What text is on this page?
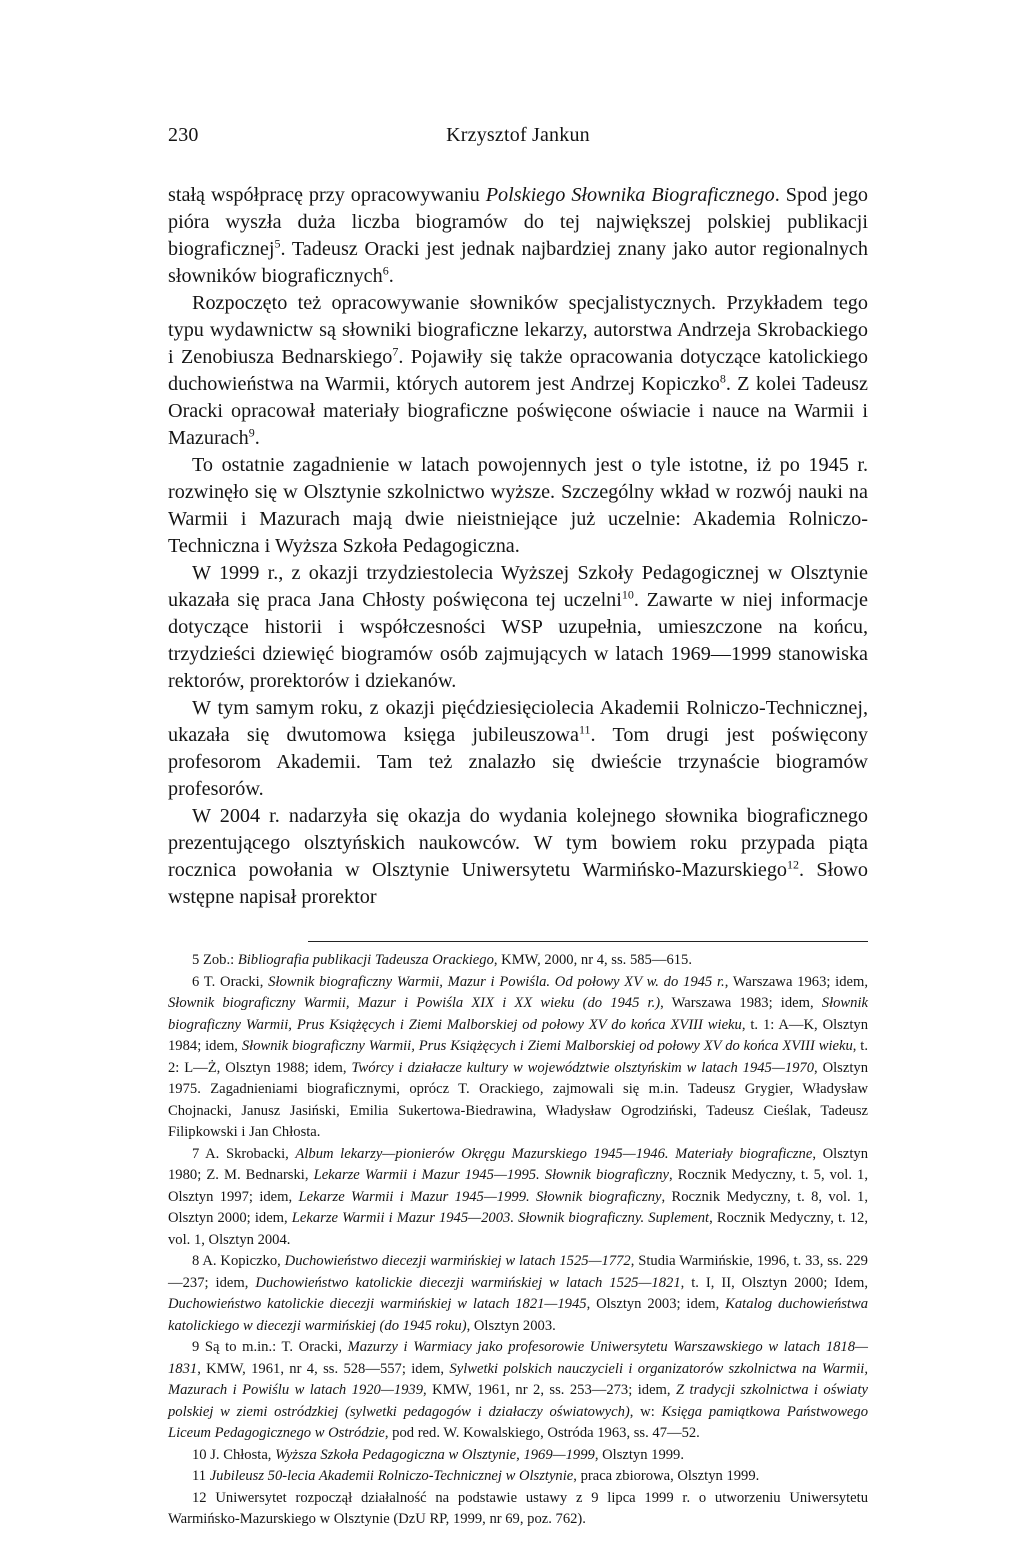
230	Krzysztof Jankun

stałą współpracę przy opracowywaniu Polskiego Słownika Biograficznego. Spod jego pióra wyszła duża liczba biogramów do tej największej polskiej publikacji biograficznej$^5$. Tadeusz Oracki jest jednak najbardziej znany jako autor regionalnych słowników biograficznych$^6$.

Rozpoczęto też opracowywanie słowników specjalistycznych. Przykładem tego typu wydawnictw są słowniki biograficzne lekarzy, autorstwa Andrzeja Skrobackiego i Zenobiusza Bednarskiego$^7$. Pojawiły się także opracowania dotyczące katolickiego duchowieństwa na Warmii, których autorem jest Andrzej Kopiczko$^8$. Z kolei Tadeusz Oracki opracował materiały biograficzne poświęcone oświacie i nauce na Warmii i Mazurach$^9$.

To ostatnie zagadnienie w latach powojennych jest o tyle istotne, iż po 1945 r. rozwinęło się w Olsztynie szkolnictwo wyższe. Szczególny wkład w rozwój nauki na Warmii i Mazurach mają dwie nieistniejące już uczelnie: Akademia Rolniczo-Techniczna i Wyższa Szkoła Pedagogiczna.

W 1999 r., z okazji trzydziestolecia Wyższej Szkoły Pedagogicznej w Olsztynie ukazała się praca Jana Chłosty poświęcona tej uczelni$^{10}$. Zawarte w niej informacje dotyczące historii i współczesności WSP uzupełnia, umieszczone na końcu, trzydzieści dziewięć biogramów osób zajmujących w latach 1969—1999 stanowiska rektorów, prorektorów i dziekanów.

W tym samym roku, z okazji pięćdziesięciolecia Akademii Rolniczo-Technicznej, ukazała się dwutomowa księga jubileuszowa$^{11}$. Tom drugi jest poświęcony profesorom Akademii. Tam też znalazło się dwieście trzynaście biogramów profesorów.

W 2004 r. nadarzyła się okazja do wydania kolejnego słownika biograficznego prezentującego olsztyńskich naukowców. W tym bowiem roku przypada piąta rocznica powołania w Olsztynie Uniwersytetu Warmińsko-Mazurskiego$^{12}$. Słowo wstępne napisał prorektor

5 Zob.: Bibliografia publikacji Tadeusza Orackiego, KMW, 2000, nr 4, ss. 585—615.

6 T. Oracki, Słownik biograficzny Warmii, Mazur i Powiśla. Od połowy XV w. do 1945 r., Warszawa 1963; idem, Słownik biograficzny Warmii, Mazur i Powiśla XIX i XX wieku (do 1945 r.), Warszawa 1983; idem, Słownik biograficzny Warmii, Prus Książęcych i Ziemi Malborskiej od połowy XV do końca XVIII wieku, t. 1: A—K, Olsztyn 1984; idem, Słownik biograficzny Warmii, Prus Książęcych i Ziemi Malborskiej od połowy XV do końca XVIII wieku, t. 2: L—Ż, Olsztyn 1988; idem, Twórcy i działacze kultury w województwie olsztyńskim w latach 1945—1970, Olsztyn 1975. Zagadnieniami biograficznymi, oprócz T. Orackiego, zajmowali się m.in. Tadeusz Grygier, Władysław Chojnacki, Janusz Jasiński, Emilia Sukertowa-Biedrawina, Władysław Ogrodziński, Tadeusz Cieślak, Tadeusz Filipkowski i Jan Chłosta.

7 A. Skrobacki, Album lekarzy—pionierów Okręgu Mazurskiego 1945—1946. Materiały biograficzne, Olsztyn 1980; Z. M. Bednarski, Lekarze Warmii i Mazur 1945—1995. Słownik biograficzny, Rocznik Medyczny, t. 5, vol. 1, Olsztyn 1997; idem, Lekarze Warmii i Mazur 1945—1999. Słownik biograficzny, Rocznik Medyczny, t. 8, vol. 1, Olsztyn 2000; idem, Lekarze Warmii i Mazur 1945—2003. Słownik biograficzny. Suplement, Rocznik Medyczny, t. 12, vol. 1, Olsztyn 2004.

8 A. Kopiczko, Duchowieństwo diecezji warmińskiej w latach 1525—1772, Studia Warmińskie, 1996, t. 33, ss. 229—237; idem, Duchowieństwo katolickie diecezji warmińskiej w latach 1525—1821, t. I, II, Olsztyn 2000; Idem, Duchowieństwo katolickie diecezji warmińskiej w latach 1821—1945, Olsztyn 2003; idem, Katalog duchowieństwa katolickiego w diecezji warmińskiej (do 1945 roku), Olsztyn 2003.

9 Są to m.in.: T. Oracki, Mazurzy i Warmiacy jako profesorowie Uniwersytetu Warszawskiego w latach 1818—1831, KMW, 1961, nr 4, ss. 528—557; idem, Sylwetki polskich nauczycieli i organizatorów szkolnictwa na Warmii, Mazurach i Powiślu w latach 1920—1939, KMW, 1961, nr 2, ss. 253—273; idem, Z tradycji szkolnictwa i oświaty polskiej w ziemi ostródzkiej (sylwetki pedagogów i działaczy oświatowych), w: Księga pamiątkowa Państwowego Liceum Pedagogicznego w Ostródzie, pod red. W. Kowalskiego, Ostróda 1963, ss. 47—52.

10 J. Chłosta, Wyższa Szkoła Pedagogiczna w Olsztynie, 1969—1999, Olsztyn 1999.

11 Jubileusz 50-lecia Akademii Rolniczo-Technicznej w Olsztynie, praca zbiorowa, Olsztyn 1999.

12 Uniwersytet rozpoczął działalność na podstawie ustawy z 9 lipca 1999 r. o utworzeniu Uniwersytetu Warmińsko-Mazurskiego w Olsztynie (DzU RP, 1999, nr 69, poz. 762).
